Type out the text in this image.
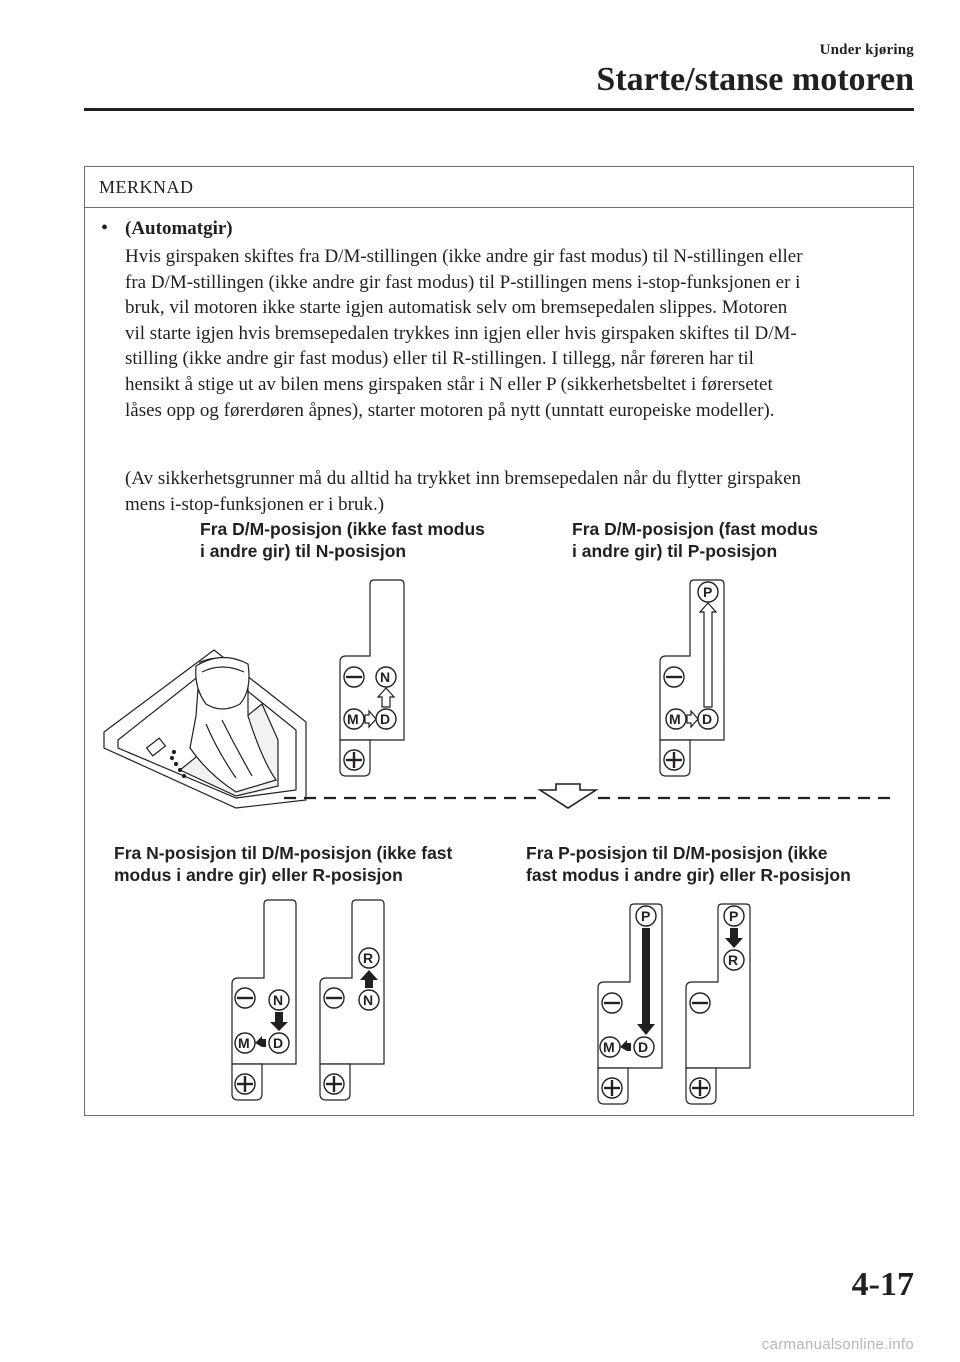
Under kjøring
Starte/stanse motoren
MERKNAD
• (Automatgir)

Hvis girspaken skiftes fra D/M-stillingen (ikke andre gir fast modus) til N-stillingen eller
fra D/M-stillingen (ikke andre gir fast modus) til P-stillingen mens i-stop-funksjonen er i
bruk, vil motoren ikke starte igjen automatisk selv om bremsepedalen slippes. Motoren
vil starte igjen hvis bremsepedalen trykkes inn igjen eller hvis girspaken skiftes til D/M-
stilling (ikke andre gir fast modus) eller til R-stillingen. I tillegg, når føreren har til
hensikt å stige ut av bilen mens girspaken står i N eller P (sikkerhetsbeltet i førersetet
låses opp og førerdøren åpnes), starter motoren på nytt (unntatt europeiske modeller).

(Av sikkerhetsgrunner må du alltid ha trykket inn bremsepedalen når du flytter girspaken
mens i-stop-funksjonen er i bruk.)

Fra D/M-posisjon (ikke fast modus
i andre gir) til N-posisjon

Fra D/M-posisjon (fast modus
i andre gir) til P-posisjon

Fra N-posisjon til D/M-posisjon (ikke fast
modus i andre gir) eller R-posisjon

Fra P-posisjon til D/M-posisjon (ikke
fast modus i andre gir) eller R-posisjon

N
D
M
P
D
M
N
D
M
R
N
P
D
M
P
R
4-17
carmanualsonline.info
